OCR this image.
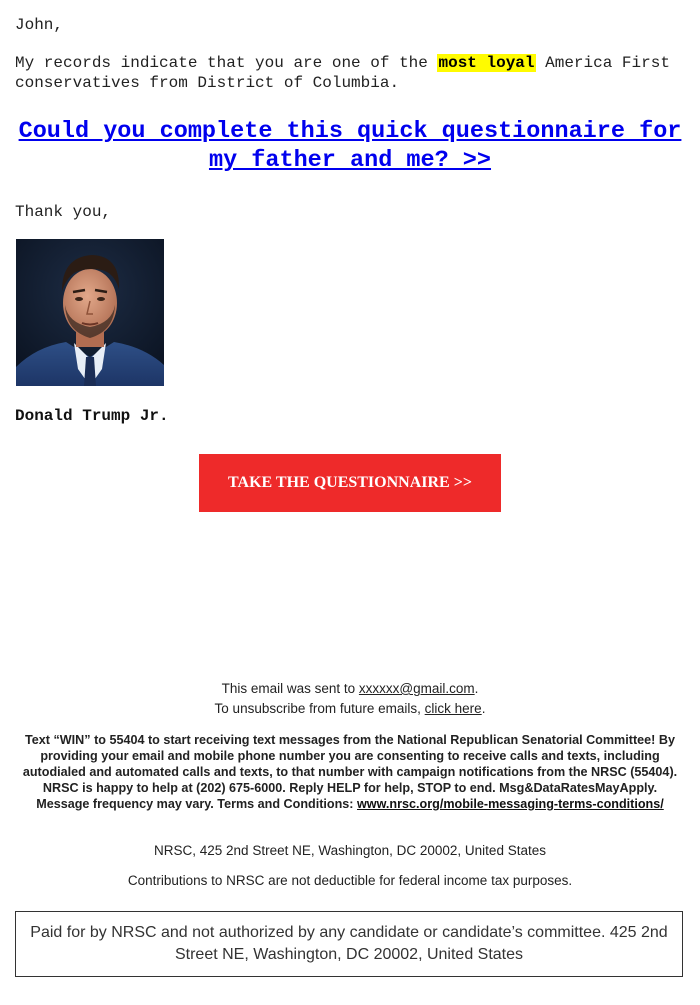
John,
My records indicate that you are one of the most loyal America First conservatives from District of Columbia.
Could you complete this quick questionnaire for my father and me? >>
Thank you,
Donald Trump Jr.
TAKE THE QUESTIONNAIRE >>
This email was sent to xxxxxx@gmail.com.
To unsubscribe from future emails, click here.
Text “WIN” to 55404 to start receiving text messages from the National Republican Senatorial Committee! By providing your email and mobile phone number you are consenting to receive calls and texts, including autodialed and automated calls and texts, to that number with campaign notifications from the NRSC (55404). NRSC is happy to help at (202) 675-6000. Reply HELP for help, STOP to end. Msg&DataRatesMayApply. Message frequency may vary. Terms and Conditions: www.nrsc.org/mobile-messaging-terms-conditions/
NRSC, 425 2nd Street NE, Washington, DC 20002, United States
Contributions to NRSC are not deductible for federal income tax purposes.
Paid for by NRSC and not authorized by any candidate or candidate’s committee. 425 2nd Street NE, Washington, DC 20002, United States
